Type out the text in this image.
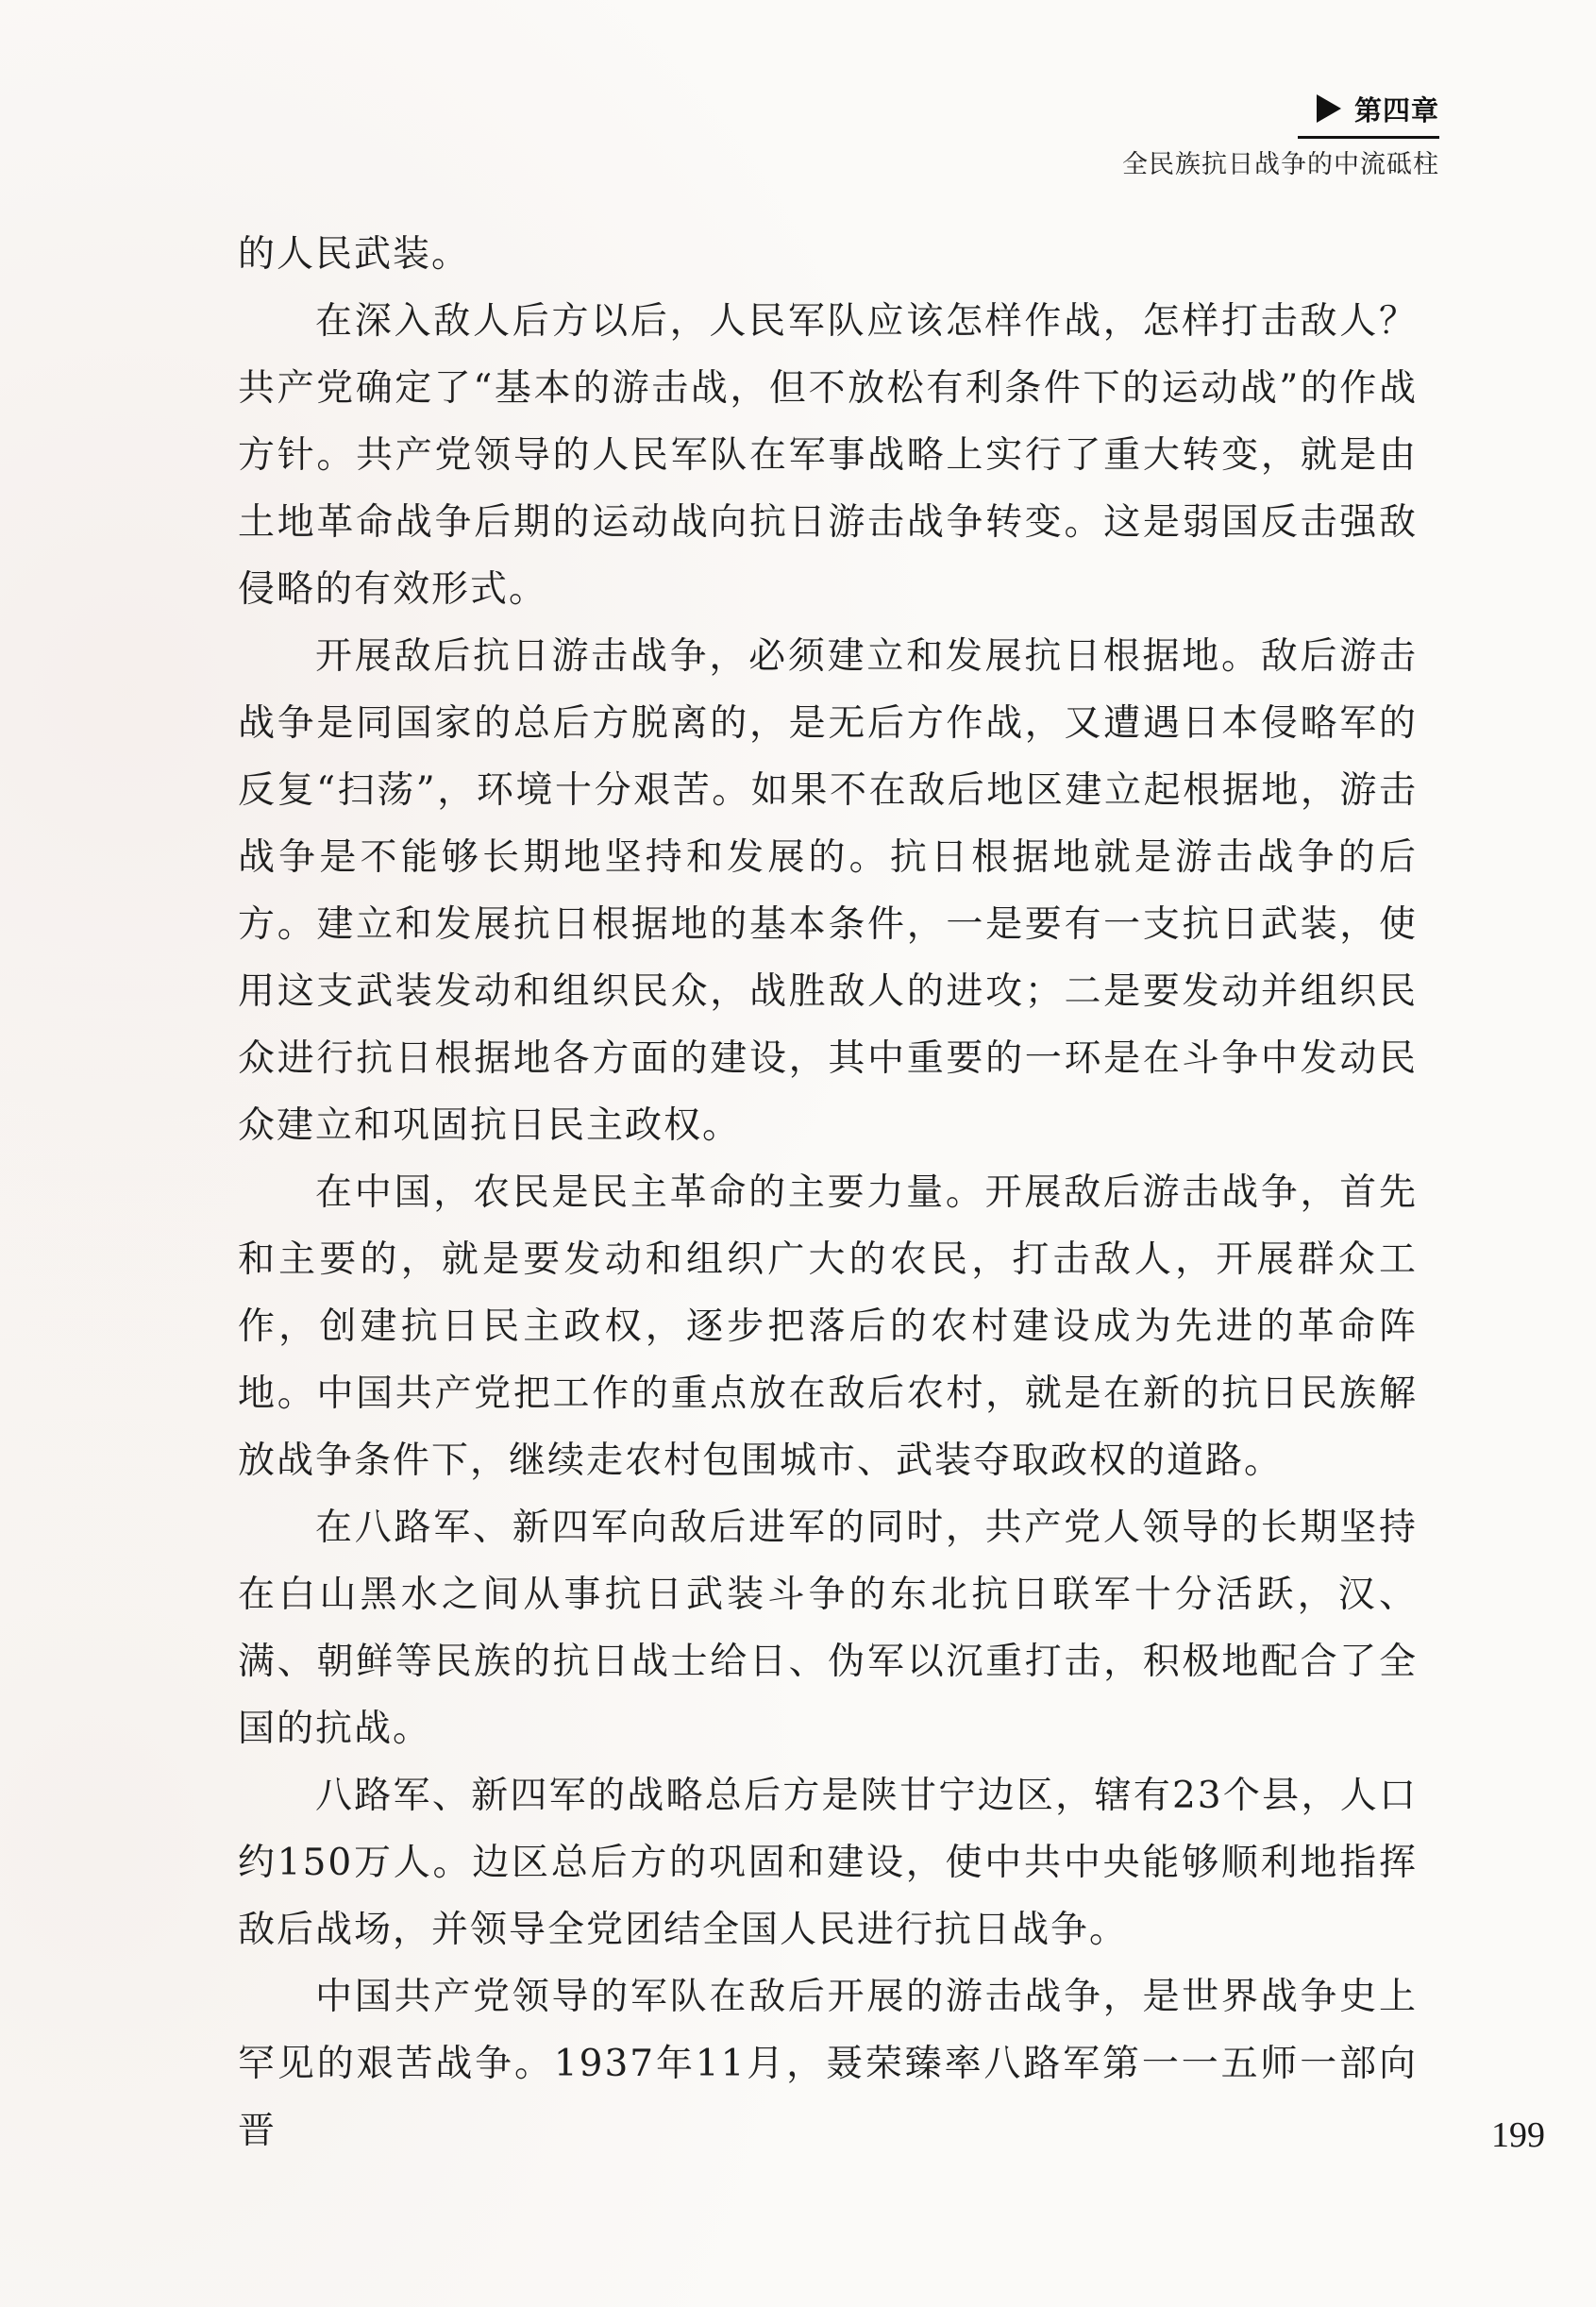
第四章
全民族抗日战争的中流砥柱

的人民武装。

在深入敌人后方以后，人民军队应该怎样作战，怎样打击敌人？共产党确定了“基本的游击战，但不放松有利条件下的运动战”的作战方针。共产党领导的人民军队在军事战略上实行了重大转变，就是由土地革命战争后期的运动战向抗日游击战争转变。这是弱国反击强敌侵略的有效形式。

开展敌后抗日游击战争，必须建立和发展抗日根据地。敌后游击战争是同国家的总后方脱离的，是无后方作战，又遭遇日本侵略军的反复“扫荡”，环境十分艰苦。如果不在敌后地区建立起根据地，游击战争是不能够长期地坚持和发展的。抗日根据地就是游击战争的后方。建立和发展抗日根据地的基本条件，一是要有一支抗日武装，使用这支武装发动和组织民众，战胜敌人的进攻；二是要发动并组织民众进行抗日根据地各方面的建设，其中重要的一环是在斗争中发动民众建立和巩固抗日民主政权。

在中国，农民是民主革命的主要力量。开展敌后游击战争，首先和主要的，就是要发动和组织广大的农民，打击敌人，开展群众工作，创建抗日民主政权，逐步把落后的农村建设成为先进的革命阵地。中国共产党把工作的重点放在敌后农村，就是在新的抗日民族解放战争条件下，继续走农村包围城市、武装夺取政权的道路。

在八路军、新四军向敌后进军的同时，共产党人领导的长期坚持在白山黑水之间从事抗日武装斗争的东北抗日联军十分活跃，汉、满、朝鲜等民族的抗日战士给日、伪军以沉重打击，积极地配合了全国的抗战。

八路军、新四军的战略总后方是陕甘宁边区，辖有23个县，人口约150万人。边区总后方的巩固和建设，使中共中央能够顺利地指挥敌后战场，并领导全党团结全国人民进行抗日战争。

中国共产党领导的军队在敌后开展的游击战争，是世界战争史上罕见的艰苦战争。1937年11月，聂荣臻率八路军第一一五师一部向晋	199
